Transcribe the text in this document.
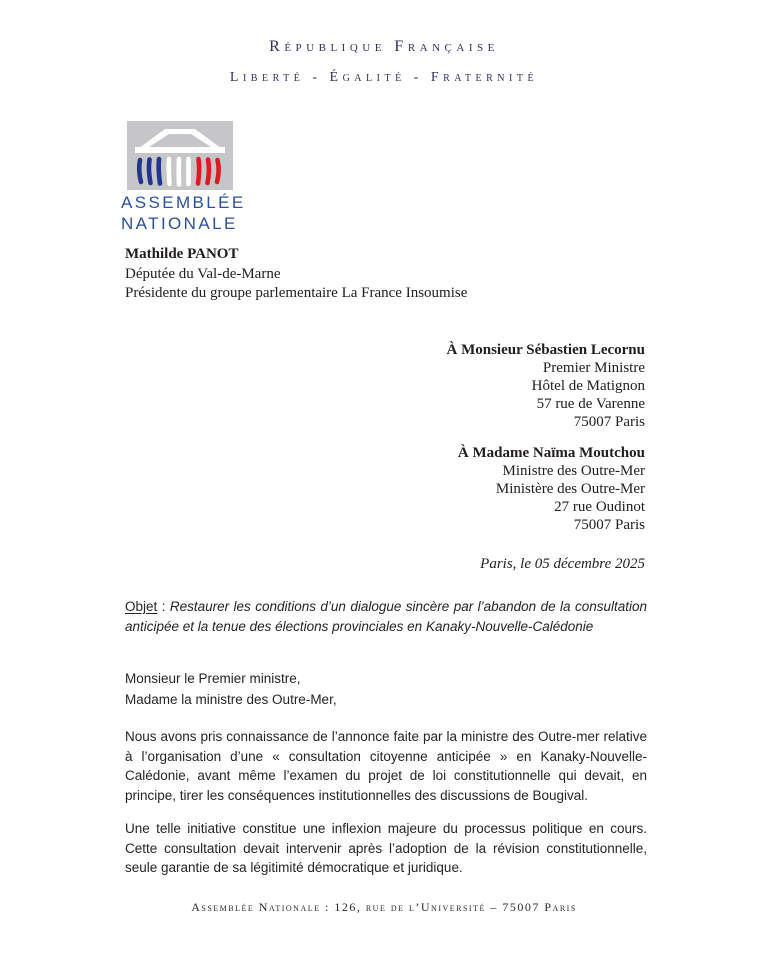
République Française
Liberté - Égalité - Fraternité
ASSEMBLÉE
NATIONALE
Mathilde PANOT
Députée du Val-de-Marne
Présidente du groupe parlementaire La France Insoumise
À Monsieur Sébastien Lecornu
Premier Ministre
Hôtel de Matignon
57 rue de Varenne
75007 Paris
À Madame Naïma Moutchou
Ministre des Outre-Mer
Ministère des Outre-Mer
27 rue Oudinot
75007 Paris
Paris, le 05 décembre 2025

Objet : Restaurer les conditions d’un dialogue sincère par l’abandon de la consultation anticipée et la tenue des élections provinciales en Kanaky-Nouvelle-Calédonie

Monsieur le Premier ministre,
Madame la ministre des Outre-Mer,

Nous avons pris connaissance de l’annonce faite par la ministre des Outre-mer relative à l’organisation d’une « consultation citoyenne anticipée » en Kanaky-Nouvelle-Calédonie, avant même l’examen du projet de loi constitutionnelle qui devait, en principe, tirer les conséquences institutionnelles des discussions de Bougival.

Une telle initiative constitue une inflexion majeure du processus politique en cours. Cette consultation devait intervenir après l’adoption de la révision constitutionnelle, seule garantie de sa légitimité démocratique et juridique.

Assemblée Nationale : 126, rue de l’Université – 75007 Paris
